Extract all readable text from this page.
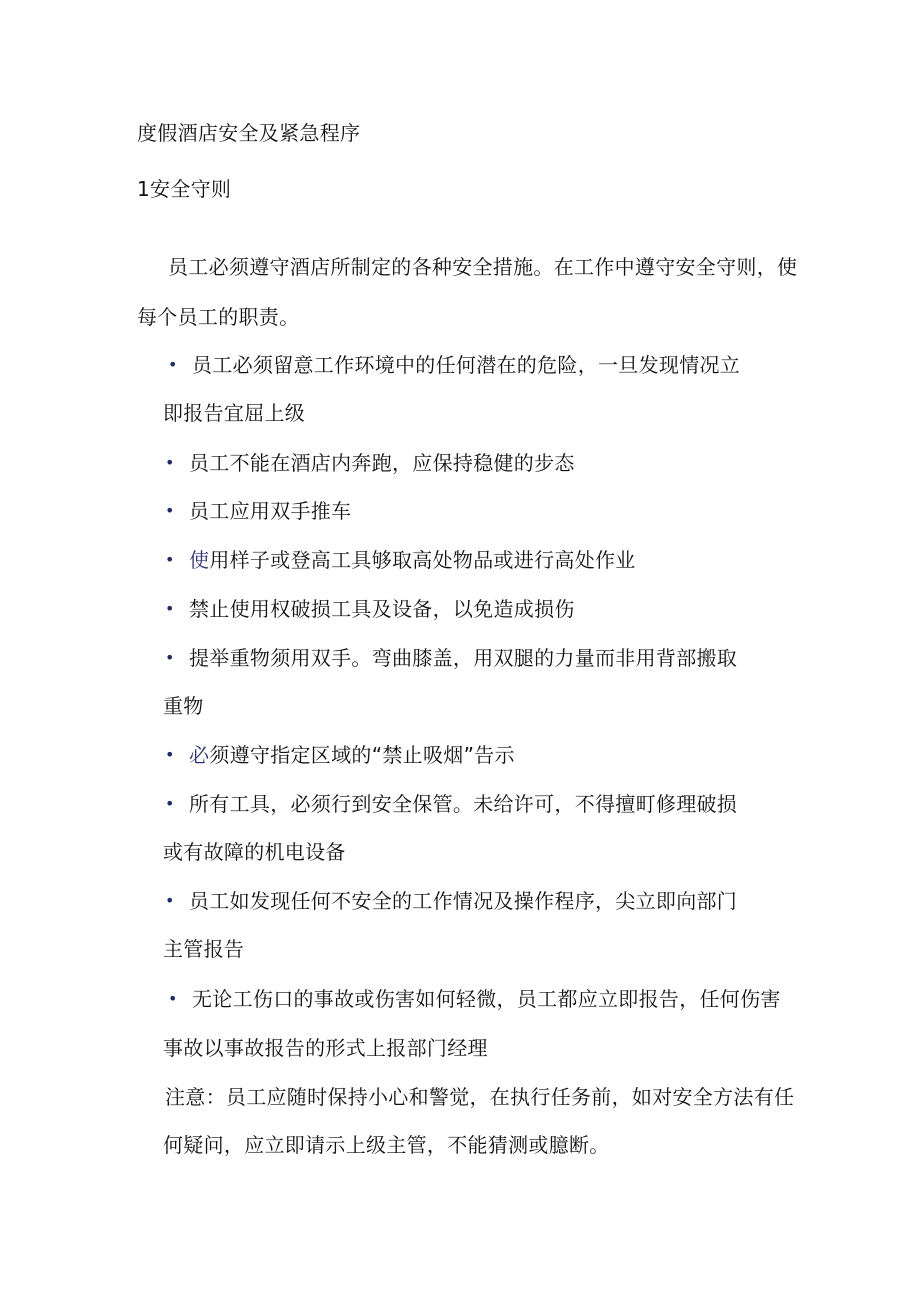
度假酒店安全及紧急程序
1安全守则
员工必须遵守酒店所制定的各种安全措施。在工作中遵守安全守则，使
每个员工的职责。
• 员工必须留意工作环境中的任何潜在的危险，一旦发现情况立
即报告宜屈上级
• 员工不能在酒店内奔跑，应保持稳健的步态
• 员工应用双手推车
• 使用样子或登高工具够取高处物品或进行高处作业
• 禁止使用权破损工具及设备，以免造成损伤
• 提举重物须用双手。弯曲膝盖，用双腿的力量而非用背部搬取
重物
• 必须遵守指定区域的“禁止吸烟”告示
• 所有工具，必须行到安全保管。未给许可，不得擅町修理破损
或有故障的机电设备
• 员工如发现任何不安全的工作情况及操作程序，尖立即向部门
主管报告
• 无论工伤口的事故或伤害如何轻微，员工都应立即报告，任何伤害
事故以事故报告的形式上报部门经理
注意：员工应随时保持小心和警觉，在执行任务前，如对安全方法有任
何疑问，应立即请示上级主管，不能猜测或臆断。
